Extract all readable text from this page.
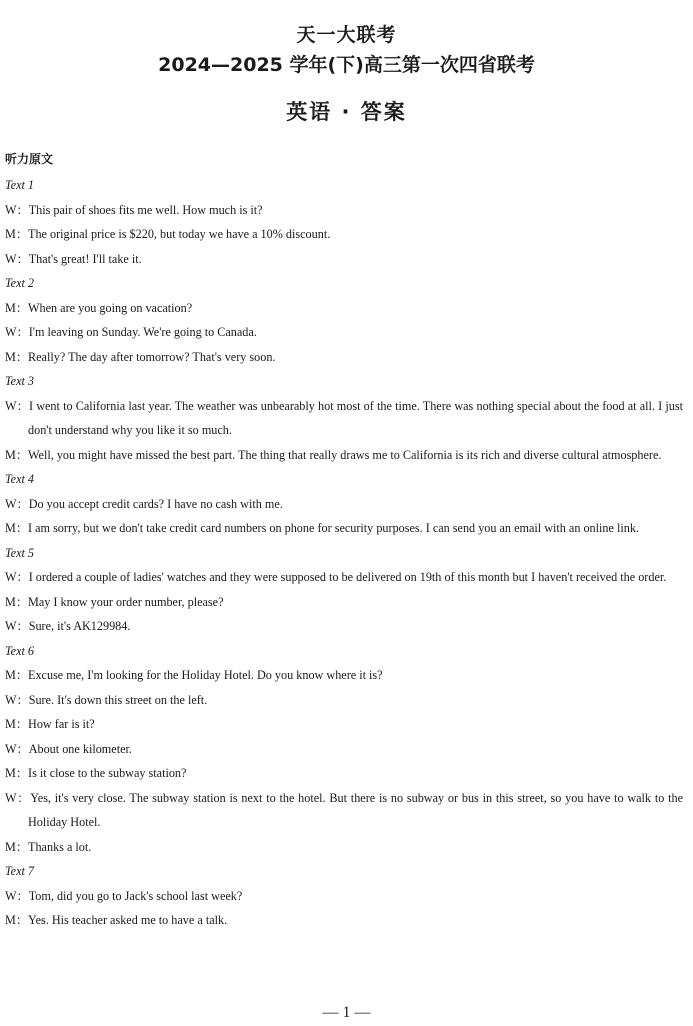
天一大联考
2024—2025 学年(下)高三第一次四省联考
英语 · 答案
听力原文
Text 1
W：This pair of shoes fits me well. How much is it?
M：The original price is $220, but today we have a 10% discount.
W：That's great! I'll take it.
Text 2
M：When are you going on vacation?
W：I'm leaving on Sunday. We're going to Canada.
M：Really? The day after tomorrow? That's very soon.
Text 3
W：I went to California last year. The weather was unbearably hot most of the time. There was nothing special about the food at all. I just don't understand why you like it so much.
M：Well, you might have missed the best part. The thing that really draws me to California is its rich and diverse cultural atmosphere.
Text 4
W：Do you accept credit cards? I have no cash with me.
M：I am sorry, but we don't take credit card numbers on phone for security purposes. I can send you an email with an online link.
Text 5
W：I ordered a couple of ladies' watches and they were supposed to be delivered on 19th of this month but I haven't received the order.
M：May I know your order number, please?
W：Sure, it's AK129984.
Text 6
M：Excuse me, I'm looking for the Holiday Hotel. Do you know where it is?
W：Sure. It's down this street on the left.
M：How far is it?
W：About one kilometer.
M：Is it close to the subway station?
W：Yes, it's very close. The subway station is next to the hotel. But there is no subway or bus in this street, so you have to walk to the Holiday Hotel.
M：Thanks a lot.
Text 7
W：Tom, did you go to Jack's school last week?
M：Yes. His teacher asked me to have a talk.
— 1 —
